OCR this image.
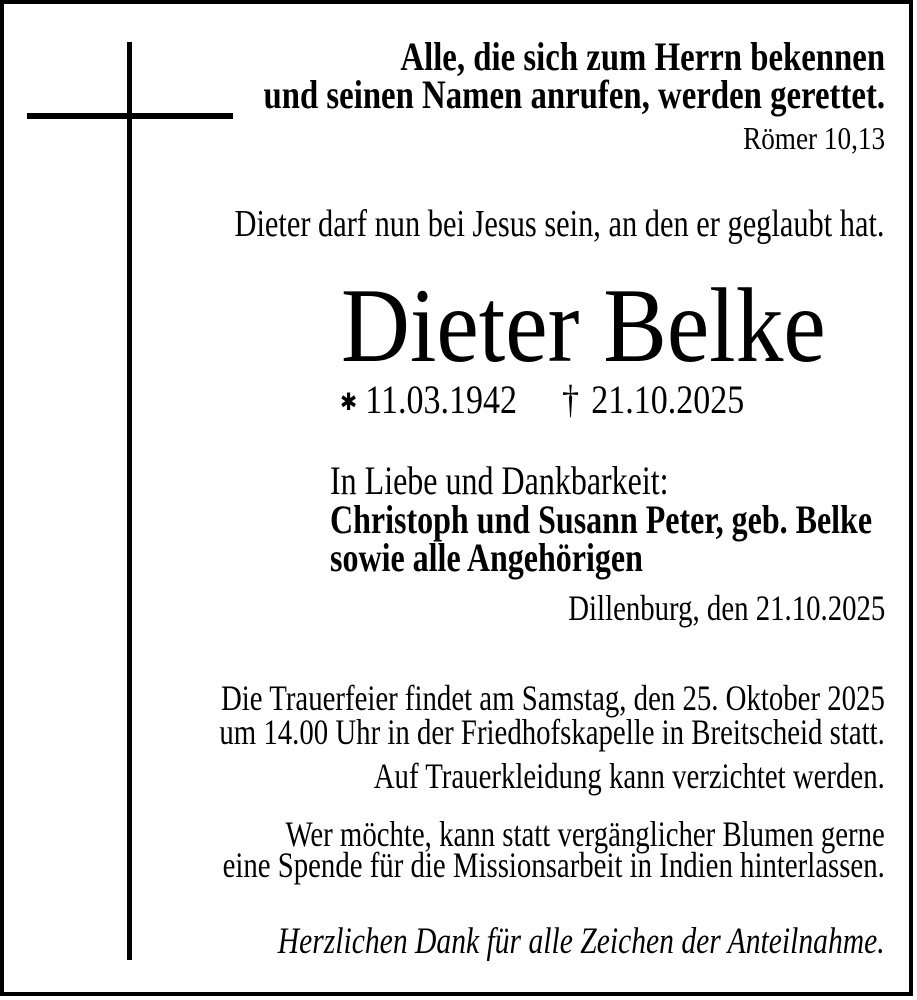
Alle, die sich zum Herrn bekennen
und seinen Namen anrufen, werden gerettet.
Römer 10,13
Dieter darf nun bei Jesus sein, an den er geglaubt hat.
Dieter Belke
✱ 11.03.1942 † 21.10.2025
In Liebe und Dankbarkeit:
Christoph und Susann Peter, geb. Belke
sowie alle Angehörigen
Dillenburg, den 21.10.2025
Die Trauerfeier findet am Samstag, den 25. Oktober 2025
um 14.00 Uhr in der Friedhofskapelle in Breitscheid statt.
Auf Trauerkleidung kann verzichtet werden.
Wer möchte, kann statt vergänglicher Blumen gerne
eine Spende für die Missionsarbeit in Indien hinterlassen.
Herzlichen Dank für alle Zeichen der Anteilnahme.
